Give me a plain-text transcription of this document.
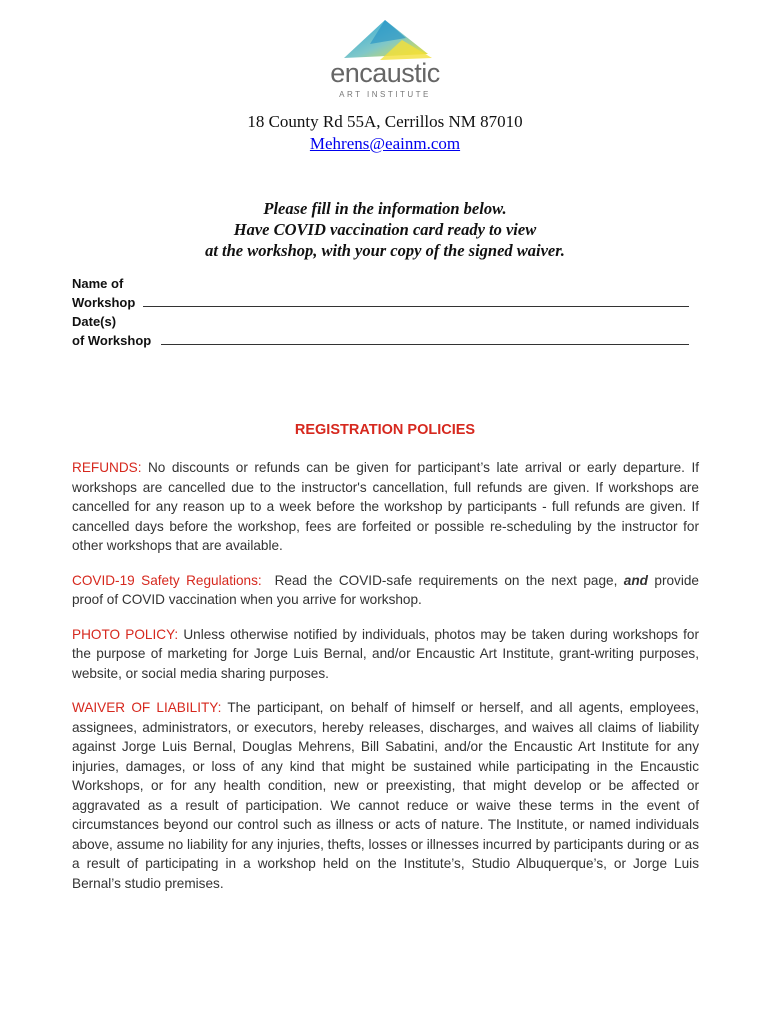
encaustic
ART INSTITUTE
18 County Rd 55A, Cerrillos NM 87010
Mehrens@eainm.com
Please fill in the information below.
Have COVID vaccination card ready to view
at the workshop, with your copy of the signed waiver.
Name of
Workshop
Date(s)
of Workshop
REGISTRATION POLICIES

REFUNDS: No discounts or refunds can be given for participant’s late arrival or early departure. If workshops are cancelled due to the instructor's cancellation, full refunds are given. If workshops are cancelled for any reason up to a week before the workshop by participants - full refunds are given. If cancelled days before the workshop, fees are forfeited or possible re-scheduling by the instructor for other workshops that are available.

COVID-19 Safety Regulations:  Read the COVID-safe requirements on the next page, and provide proof of COVID vaccination when you arrive for workshop.

PHOTO POLICY: Unless otherwise notified by individuals, photos may be taken during workshops for the purpose of marketing for Jorge Luis Bernal, and/or Encaustic Art Institute, grant-writing purposes, website, or social media sharing purposes.

WAIVER OF LIABILITY: The participant, on behalf of himself or herself, and all agents, employees, assignees, administrators, or executors, hereby releases, discharges, and waives all claims of liability against Jorge Luis Bernal, Douglas Mehrens, Bill Sabatini, and/or the Encaustic Art Institute for any injuries, damages, or loss of any kind that might be sustained while participating in the Encaustic Workshops, or for any health condition, new or preexisting, that might develop or be affected or aggravated as a result of participation. We cannot reduce or waive these terms in the event of circumstances beyond our control such as illness or acts of nature. The Institute, or named individuals above, assume no liability for any injuries, thefts, losses or illnesses incurred by participants during or as a result of participating in a workshop held on the Institute’s, Studio Albuquerque’s, or Jorge Luis Bernal’s studio premises.
